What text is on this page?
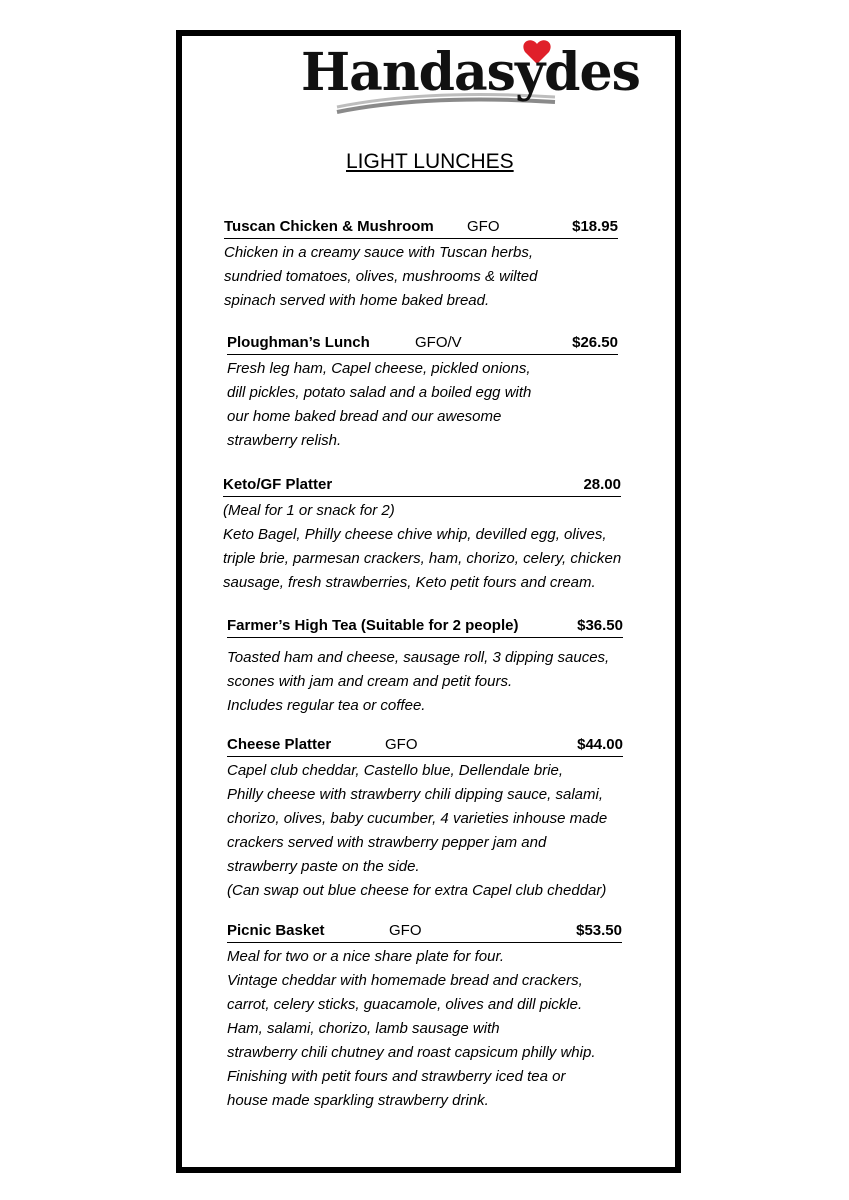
Handasydes
LIGHT LUNCHES
Tuscan Chicken & Mushroom GFO	$18.95
Chicken in a creamy sauce with Tuscan herbs,
sundried tomatoes, olives, mushrooms & wilted
spinach served with home baked bread.
Ploughman’s Lunch	GFO/V	$26.50
Fresh leg ham, Capel cheese, pickled onions,
dill pickles, potato salad and a boiled egg with
our home baked bread and our awesome
strawberry relish.
Keto/GF Platter	28.00
(Meal for 1 or snack for 2)
Keto Bagel, Philly cheese chive whip, devilled egg, olives,
triple brie, parmesan crackers, ham, chorizo, celery, chicken
sausage, fresh strawberries, Keto petit fours and cream.
Farmer’s High Tea (Suitable for 2 people)	$36.50
Toasted ham and cheese, sausage roll, 3 dipping sauces,
scones with jam and cream and petit fours.
Includes regular tea or coffee.
Cheese Platter	GFO	$44.00
Capel club cheddar, Castello blue, Dellendale brie,
Philly cheese with strawberry chili dipping sauce, salami,
chorizo, olives, baby cucumber, 4 varieties inhouse made
crackers served with strawberry pepper jam and
strawberry paste on the side.
(Can swap out blue cheese for extra Capel club cheddar)
Picnic Basket	GFO	$53.50
Meal for two or a nice share plate for four.
Vintage cheddar with homemade bread and crackers,
carrot, celery sticks, guacamole, olives and dill pickle.
Ham, salami, chorizo, lamb sausage with
strawberry chili chutney and roast capsicum philly whip.
Finishing with petit fours and strawberry iced tea or
house made sparkling strawberry drink.
